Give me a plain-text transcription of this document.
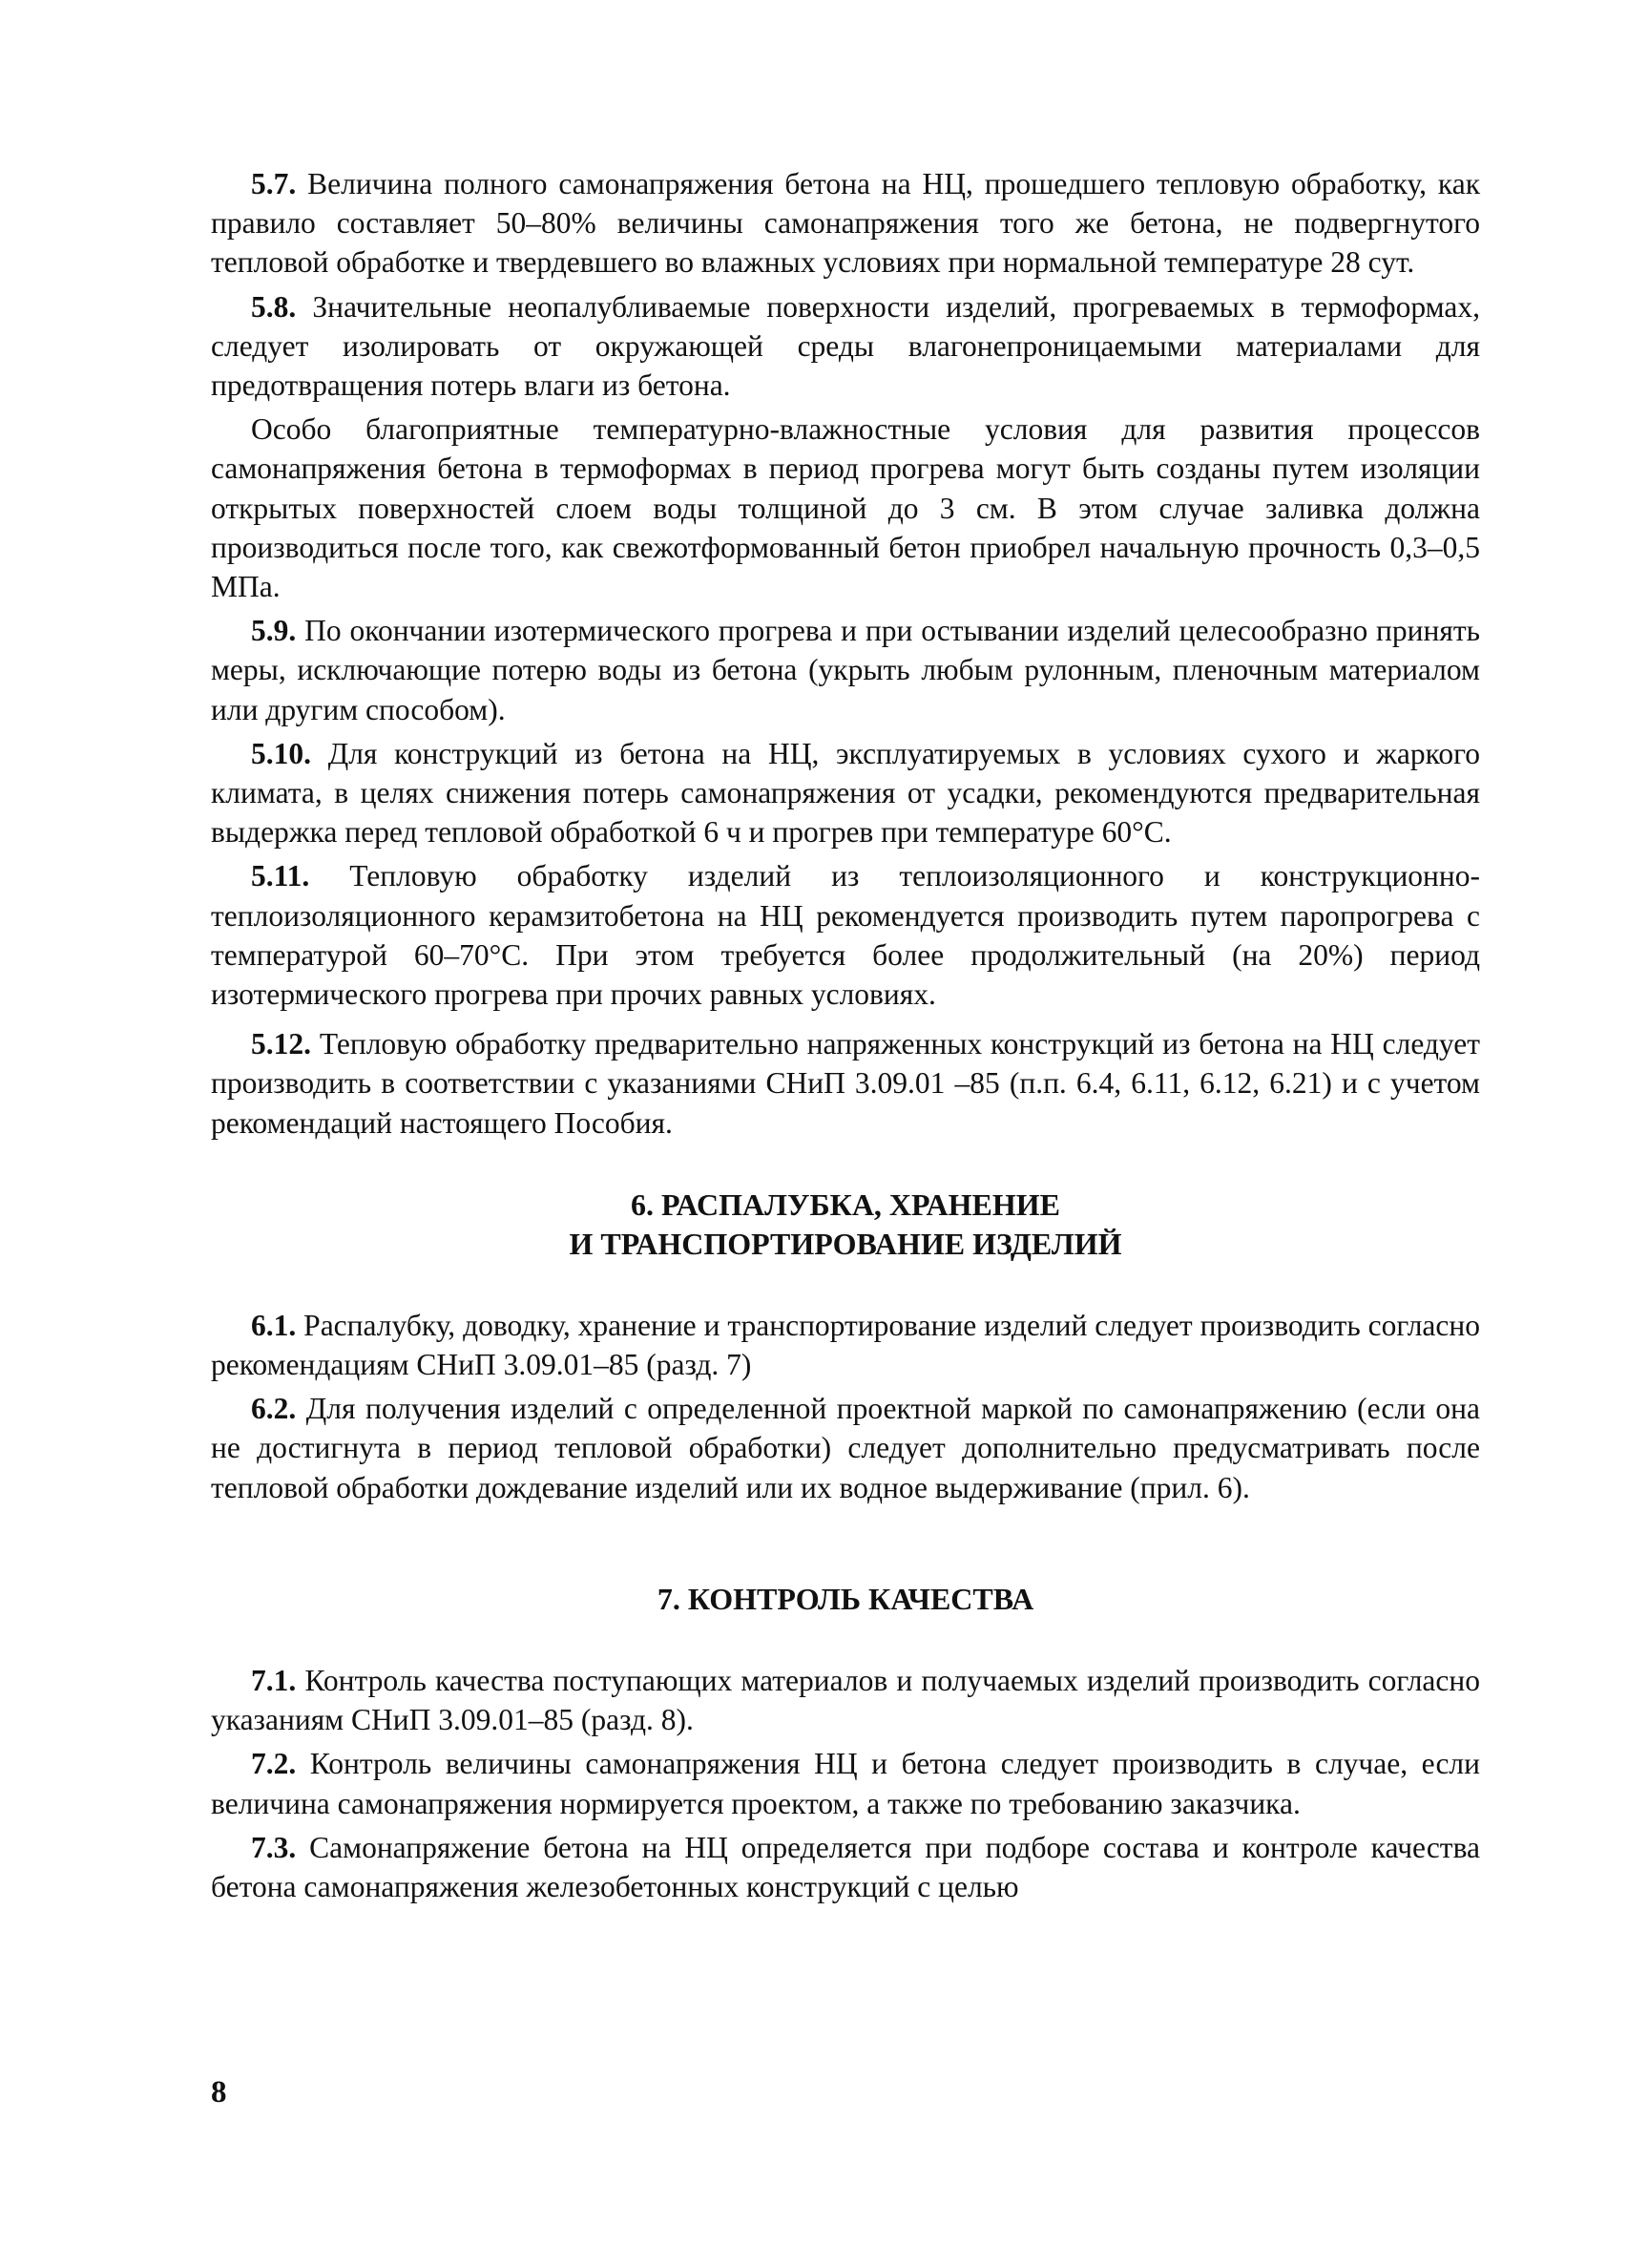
5.7. Величина полного самонапряжения бетона на НЦ, прошедшего тепловую обработку, как правило составляет 50–80% величины самонапряжения того же бетона, не подвергнутого тепловой обработке и твердевшего во влажных условиях при нормальной температуре 28 сут.

5.8. Значительные неопалубливаемые поверхности изделий, прогреваемых в термоформах, следует изолировать от окружающей среды влагонепроницаемыми материалами для предотвращения потерь влаги из бетона.

Особо благоприятные температурно-влажностные условия для развития процессов самонапряжения бетона в термоформах в период прогрева могут быть созданы путем изоляции открытых поверхностей слоем воды толщиной до 3 см. В этом случае заливка должна производиться после того, как свежотформованный бетон приобрел начальную прочность 0,3–0,5 МПа.

5.9. По окончании изотермического прогрева и при остывании изделий целесообразно принять меры, исключающие потерю воды из бетона (укрыть любым рулонным, пленочным материалом или другим способом).

5.10. Для конструкций из бетона на НЦ, эксплуатируемых в условиях сухого и жаркого климата, в целях снижения потерь самонапряжения от усадки, рекомендуются предварительная выдержка перед тепловой обработкой 6 ч и прогрев при температуре 60°С.

5.11. Тепловую обработку изделий из теплоизоляционного и конструкционно-теплоизоляционного керамзитобетона на НЦ рекомендуется производить путем пaропрогрева с температурой 60–70°С. При этом требуется более продолжительный (на 20%) период изотермического прогрева при прочих равных условиях.

5.12. Тепловую обработку предварительно напряженных конструкций из бетона на НЦ следует производить в соответствии с указаниями СНиП 3.09.01 –85 (п.п. 6.4, 6.11, 6.12, 6.21) и с учетом рекомендаций настоящего Пособия.

6. РАСПАЛУБКА, ХРАНЕНИЕ
И ТРАНСПОРТИРОВАНИЕ ИЗДЕЛИЙ

6.1. Распалубку, доводку, хранение и транспортирование изделий следует производить согласно рекомендациям СНиП 3.09.01–85 (разд. 7)

6.2. Для получения изделий с определенной проектной маркой по самонапряжению (если она не достигнута в период тепловой обработки) следует дополнительно предусматривать после тепловой обработки дождевание изделий или их водное выдерживание (прил. 6).

7. КОНТРОЛЬ КАЧЕСТВА

7.1. Контроль качества поступающих материалов и получаемых изделий производить согласно указаниям СНиП 3.09.01–85 (разд. 8).

7.2. Контроль величины самонапряжения НЦ и бетона следует производить в случае, если величина самонапряжения нормируется проектом, а также по требованию заказчика.

7.3. Самонапряжение бетона на НЦ определяется при подборе состава и контроле качества бетона самонапряжения железобетонных конструкций с целью

8
